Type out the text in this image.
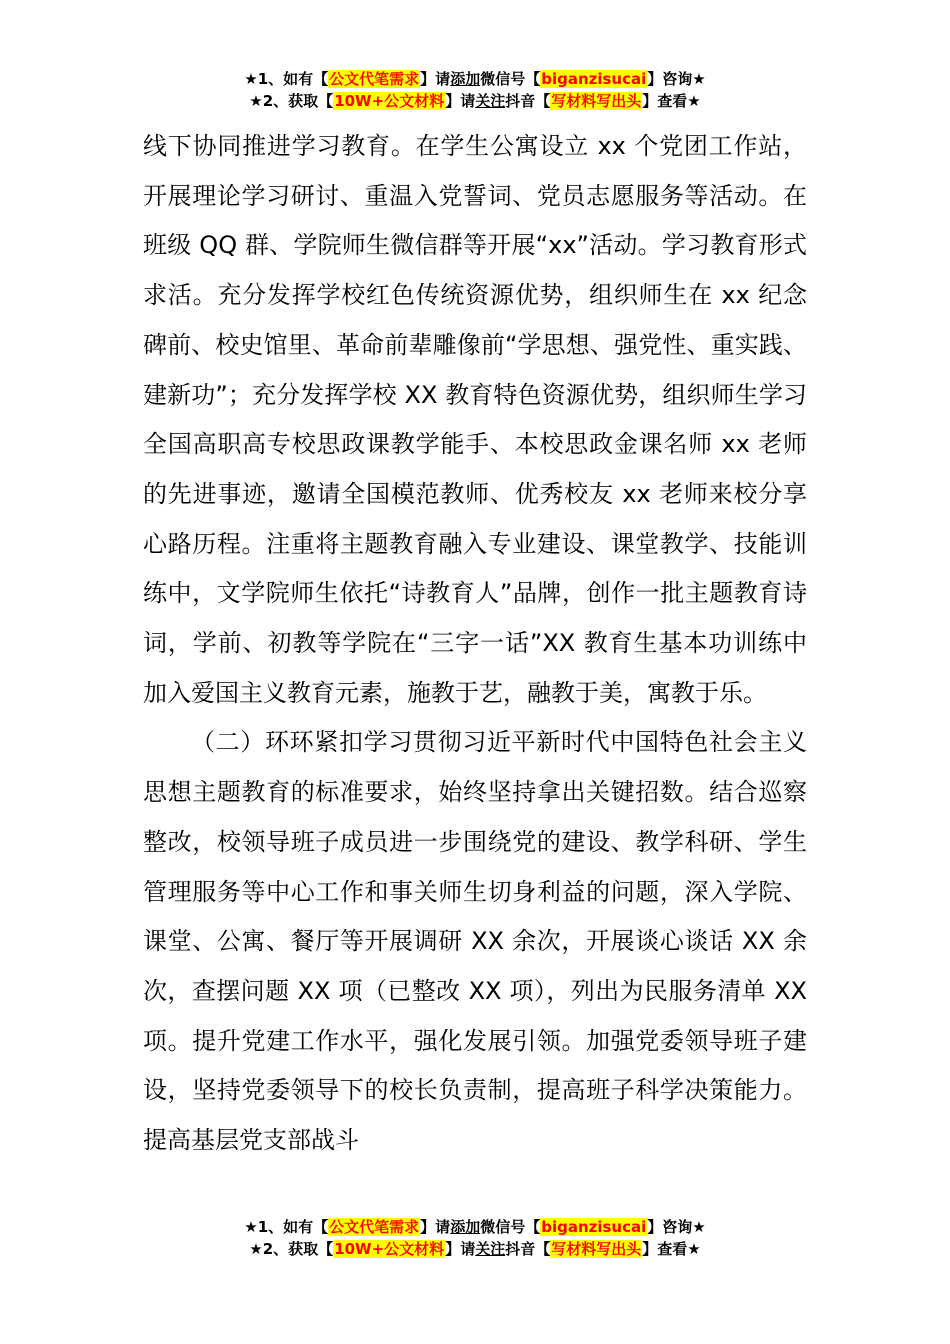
★1、如有【公文代笔需求】请添加微信号【biganzisucai】咨询★
★2、获取【10W+公文材料】请关注抖音【写材料写出头】查看★

线下协同推进学习教育。在学生公寓设立 xx 个党团工作站，开展理论学习研讨、重温入党誓词、党员志愿服务等活动。在班级 QQ 群、学院师生微信群等开展“xx”活动。学习教育形式求活。充分发挥学校红色传统资源优势，组织师生在 xx 纪念碑前、校史馆里、革命前辈雕像前“学思想、强党性、重实践、建新功”；充分发挥学校 XX 教育特色资源优势，组织师生学习全国高职高专校思政课教学能手、本校思政金课名师 xx 老师的先进事迹，邀请全国模范教师、优秀校友 xx 老师来校分享心路历程。注重将主题教育融入专业建设、课堂教学、技能训练中，文学院师生依托“诗教育人”品牌，创作一批主题教育诗词，学前、初教等学院在“三字一话”XX 教育生基本功训练中加入爱国主义教育元素，施教于艺，融教于美，寓教于乐。

（二）环环紧扣学习贯彻习近平新时代中国特色社会主义思想主题教育的标准要求，始终坚持拿出关键招数。结合巡察整改，校领导班子成员进一步围绕党的建设、教学科研、学生管理服务等中心工作和事关师生切身利益的问题，深入学院、课堂、公寓、餐厅等开展调研 XX 余次，开展谈心谈话 XX 余次，查摆问题 XX 项（已整改 XX 项），列出为民服务清单 XX 项。提升党建工作水平，强化发展引领。加强党委领导班子建设，坚持党委领导下的校长负责制，提高班子科学决策能力。提高基层党支部战斗

★1、如有【公文代笔需求】请添加微信号【biganzisucai】咨询★
★2、获取【10W+公文材料】请关注抖音【写材料写出头】查看★
